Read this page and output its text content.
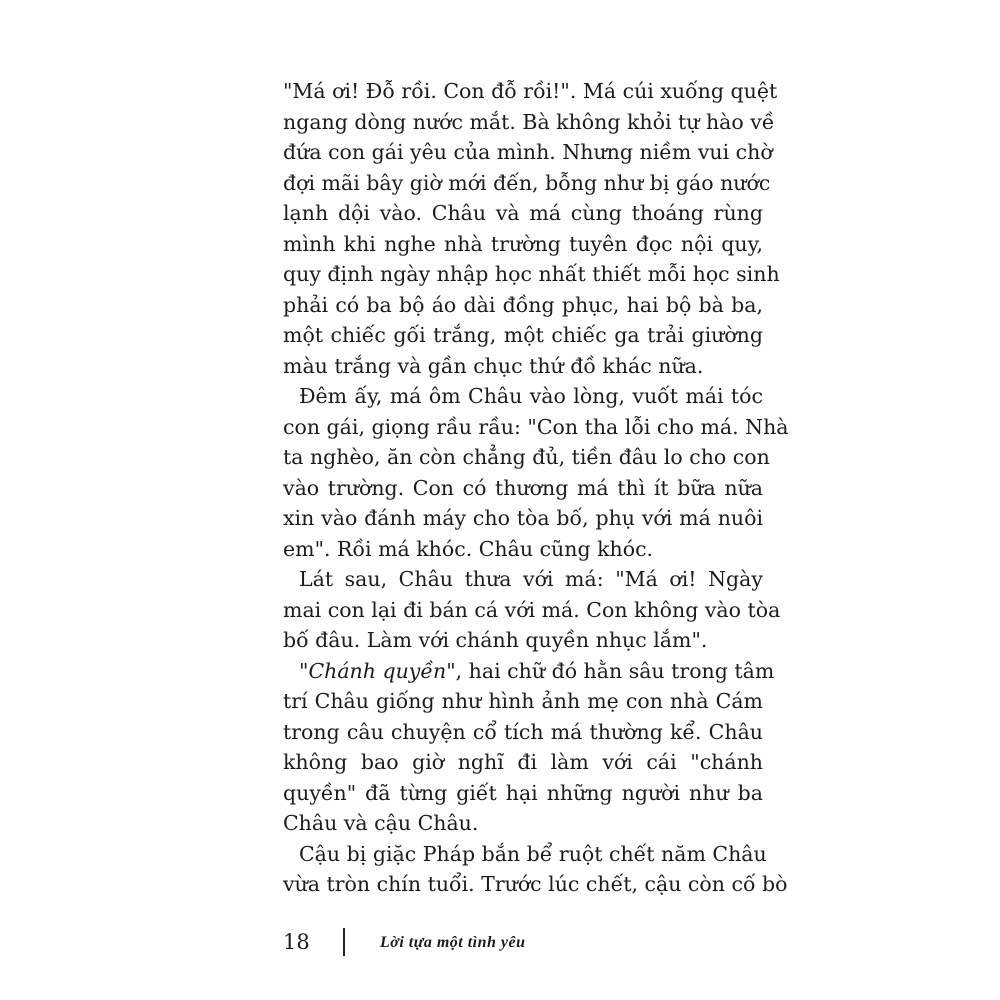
"Má ơi! Đỗ rồi. Con đỗ rồi!". Má cúi xuống quệt
ngang dòng nước mắt. Bà không khỏi tự hào về
đứa con gái yêu của mình. Nhưng niềm vui chờ
đợi mãi bây giờ mới đến, bỗng như bị gáo nước
lạnh dội vào. Châu và má cùng thoáng rùng
mình khi nghe nhà trường tuyên đọc nội quy,
quy định ngày nhập học nhất thiết mỗi học sinh
phải có ba bộ áo dài đồng phục, hai bộ bà ba,
một chiếc gối trắng, một chiếc ga trải giường
màu trắng và gần chục thứ đồ khác nữa.

Đêm ấy, má ôm Châu vào lòng, vuốt mái tóc
con gái, giọng rầu rầu: "Con tha lỗi cho má. Nhà
ta nghèo, ăn còn chẳng đủ, tiền đâu lo cho con
vào trường. Con có thương má thì ít bữa nữa
xin vào đánh máy cho tòa bố, phụ với má nuôi
em". Rồi má khóc. Châu cũng khóc.

Lát sau, Châu thưa với má: "Má ơi! Ngày
mai con lại đi bán cá với má. Con không vào tòa
bố đâu. Làm với chánh quyền nhục lắm".

"Chánh quyền", hai chữ đó hằn sâu trong tâm
trí Châu giống như hình ảnh mẹ con nhà Cám
trong câu chuyện cổ tích má thường kể. Châu
không bao giờ nghĩ đi làm với cái "chánh
quyền" đã từng giết hại những người như ba
Châu và cậu Châu.

Cậu bị giặc Pháp bắn bể ruột chết năm Châu
vừa tròn chín tuổi. Trước lúc chết, cậu còn cố bò

18	Lời tựa một tình yêu
